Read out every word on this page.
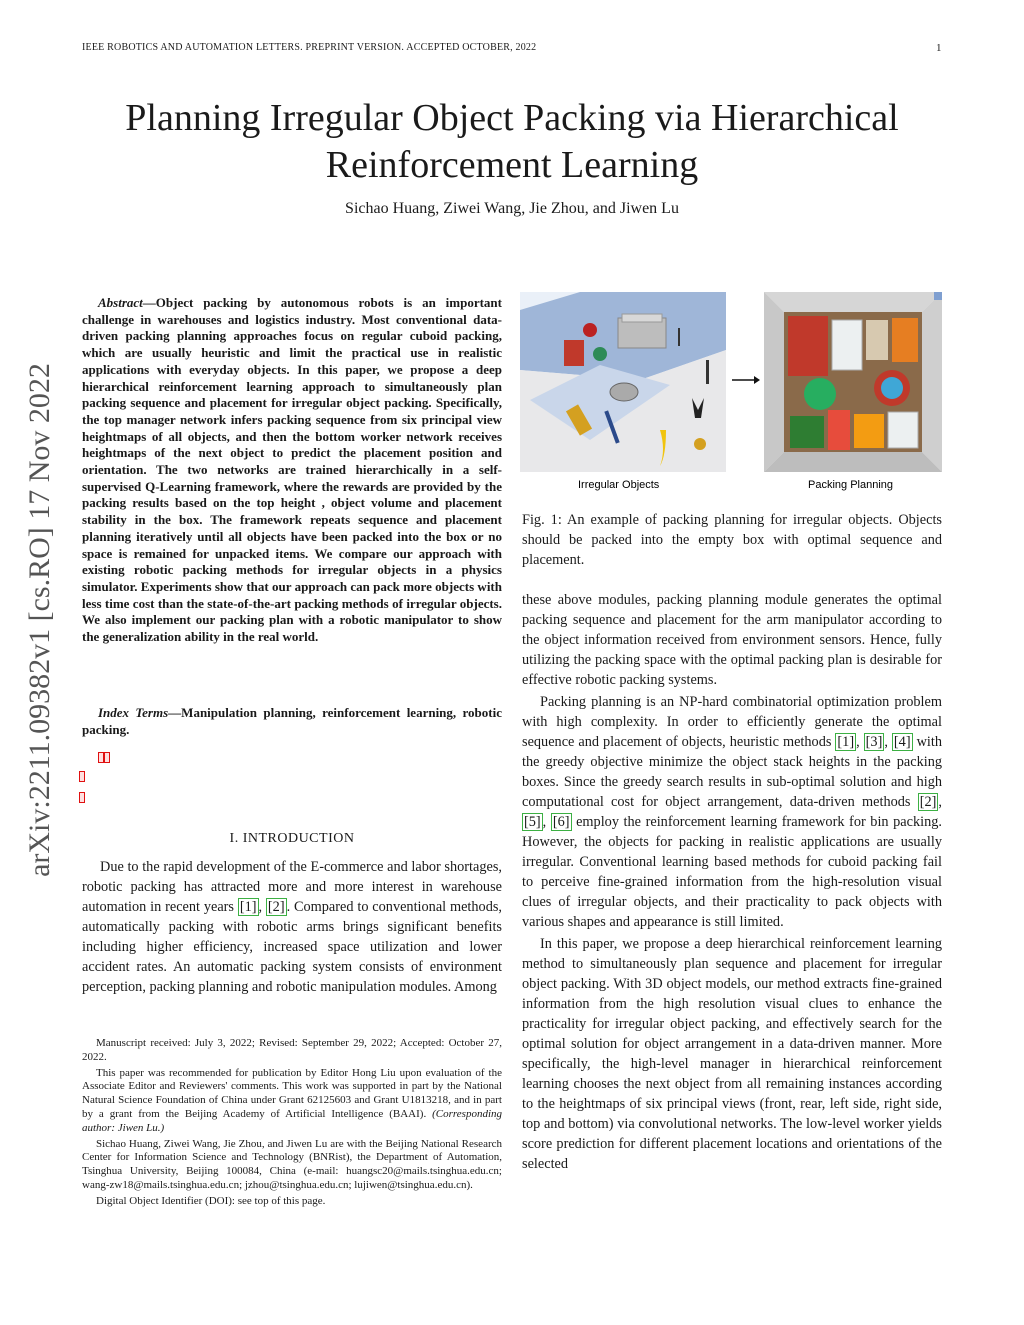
IEEE ROBOTICS AND AUTOMATION LETTERS. PREPRINT VERSION. ACCEPTED OCTOBER, 2022	1
Planning Irregular Object Packing via Hierarchical
Reinforcement Learning
Sichao Huang, Ziwei Wang, Jie Zhou, and Jiwen Lu
arXiv:2211.09382v1 [cs.RO] 17 Nov 2022
Abstract—Object packing by autonomous robots is an important challenge in warehouses and logistics industry. Most conventional data-driven packing planning approaches focus on regular cuboid packing, which are usually heuristic and limit the practical use in realistic applications with everyday objects. In this paper, we propose a deep hierarchical reinforcement learning approach to simultaneously plan packing sequence and placement for irregular object packing. Specifically, the top manager network infers packing sequence from six principal view heightmaps of all objects, and then the bottom worker network receives heightmaps of the next object to predict the placement position and orientation. The two networks are trained hierarchically in a self-supervised Q-Learning framework, where the rewards are provided by the packing results based on the top height , object volume and placement stability in the box. The framework repeats sequence and placement planning iteratively until all objects have been packed into the box or no space is remained for unpacked items. We compare our approach with existing robotic packing methods for irregular objects in a physics simulator. Experiments show that our approach can pack more objects with less time cost than the state-of-the-art packing methods of irregular objects. We also implement our packing plan with a robotic manipulator to show the generalization ability in the real world.
Index Terms—Manipulation planning, reinforcement learning, robotic packing.
I. INTRODUCTION

Due to the rapid development of the E-commerce and labor shortages, robotic packing has attracted more and more interest in warehouse automation in recent years [1] , [2] . Compared to conventional methods, automatically packing with robotic arms brings significant benefits including higher efficiency, increased space utilization and lower accident rates. An automatic packing system consists of environment perception, packing planning and robotic manipulation modules. Among

Manuscript received: July 3, 2022; Revised: September 29, 2022; Accepted: October 27, 2022.

This paper was recommended for publication by Editor Hong Liu upon evaluation of the Associate Editor and Reviewers' comments. This work was supported in part by the National Natural Science Foundation of China under Grant 62125603 and Grant U1813218, and in part by a grant from the Beijing Academy of Artificial Intelligence (BAAI). (Corresponding author: Jiwen Lu.)

Sichao Huang, Ziwei Wang, Jie Zhou, and Jiwen Lu are with the Beijing National Research Center for Information Science and Technology (BNRist), the Department of Automation, Tsinghua University, Beijing 100084, China (e-mail: huangsc20@mails.tsinghua.edu.cn; wang-zw18@mails.tsinghua.edu.cn; jzhou@tsinghua.edu.cn; lujiwen@tsinghua.edu.cn).

Digital Object Identifier (DOI): see top of this page.

Irregular Objects	Packing Planning
Fig. 1: An example of packing planning for irregular objects. Objects should be packed into the empty box with optimal sequence and placement.

these above modules, packing planning module generates the optimal packing sequence and placement for the arm manipulator according to the object information received from environment sensors. Hence, fully utilizing the packing space with the optimal packing plan is desirable for effective robotic packing systems.

Packing planning is an NP-hard combinatorial optimization problem with high complexity. In order to efficiently generate the optimal sequence and placement of objects, heuristic methods [1] , [3] , [4] with the greedy objective minimize the object stack heights in the packing boxes. Since the greedy search results in sub-optimal solution and high computational cost for object arrangement, data-driven methods [2] , [5] , [6] employ the reinforcement learning framework for bin packing. However, the objects for packing in realistic applications are usually irregular. Conventional learning based methods for cuboid packing fail to perceive fine-grained information from the high-resolution visual clues of irregular objects, and their practicality to pack objects with various shapes and appearance is still limited.

In this paper, we propose a deep hierarchical reinforcement learning method to simultaneously plan sequence and placement for irregular object packing. With 3D object models, our method extracts fine-grained information from the high resolution visual clues to enhance the practicality for irregular object packing, and effectively search for the optimal solution for object arrangement in a data-driven manner. More specifically, the high-level manager in hierarchical reinforcement learning chooses the next object from all remaining instances according to the heightmaps of six principal views (front, rear, left side, right side, top and bottom) via convolutional networks. The low-level worker yields score prediction for different placement locations and orientations of the selected
